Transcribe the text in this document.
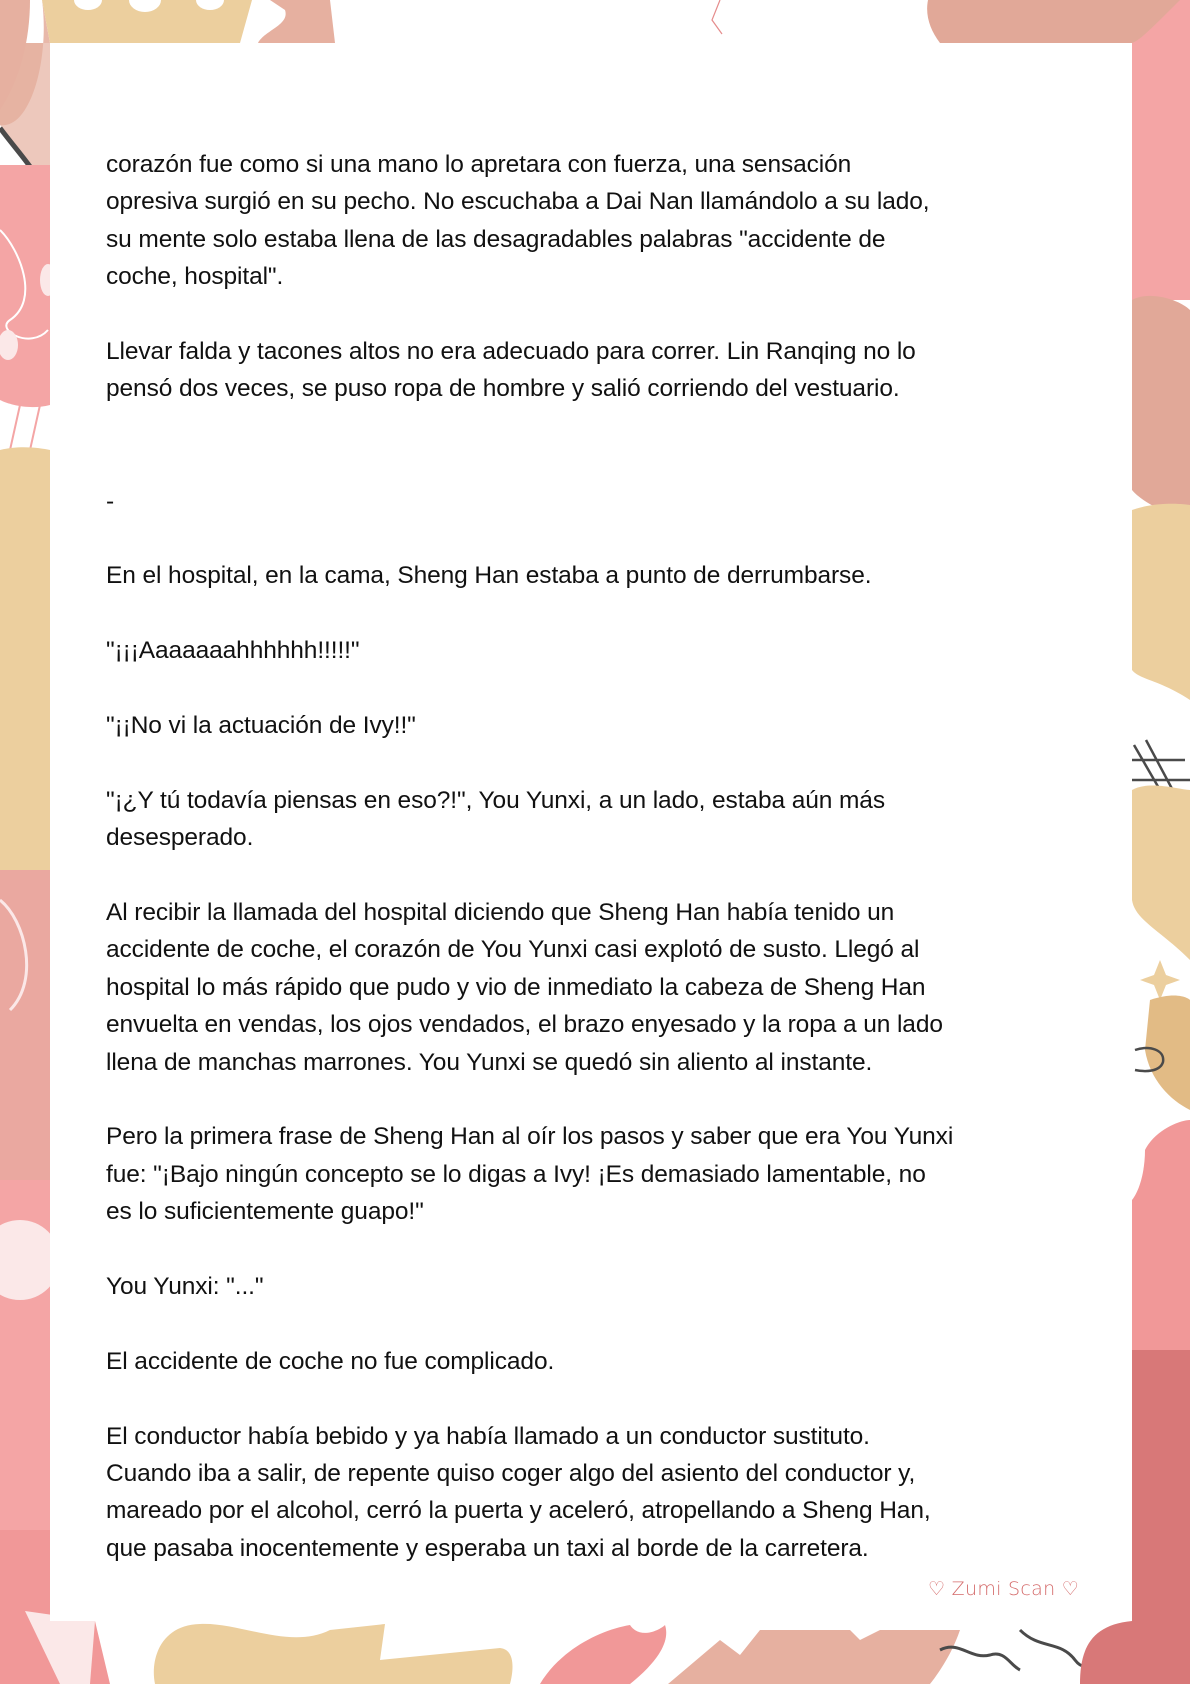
corazón fue como si una mano lo apretara con fuerza, una sensación
opresiva surgió en su pecho. No escuchaba a Dai Nan llamándolo a su lado,
su mente solo estaba llena de las desagradables palabras "accidente de
coche, hospital".
Llevar falda y tacones altos no era adecuado para correr. Lin Ranqing no lo
pensó dos veces, se puso ropa de hombre y salió corriendo del vestuario.
-
En el hospital, en la cama, Sheng Han estaba a punto de derrumbarse.
"¡¡¡Aaaaaaahhhhhh!!!!!"
"¡¡No vi la actuación de Ivy!!"
"¡¿Y tú todavía piensas en eso?!", You Yunxi, a un lado, estaba aún más
desesperado.
Al recibir la llamada del hospital diciendo que Sheng Han había tenido un
accidente de coche, el corazón de You Yunxi casi explotó de susto. Llegó al
hospital lo más rápido que pudo y vio de inmediato la cabeza de Sheng Han
envuelta en vendas, los ojos vendados, el brazo enyesado y la ropa a un lado
llena de manchas marrones. You Yunxi se quedó sin aliento al instante.
Pero la primera frase de Sheng Han al oír los pasos y saber que era You Yunxi
fue: "¡Bajo ningún concepto se lo digas a Ivy! ¡Es demasiado lamentable, no
es lo suficientemente guapo!"
You Yunxi: "..."
El accidente de coche no fue complicado.
El conductor había bebido y ya había llamado a un conductor sustituto.
Cuando iba a salir, de repente quiso coger algo del asiento del conductor y,
mareado por el alcohol, cerró la puerta y aceleró, atropellando a Sheng Han,
que pasaba inocentemente y esperaba un taxi al borde de la carretera.
♡ Zumi Scan ♡
